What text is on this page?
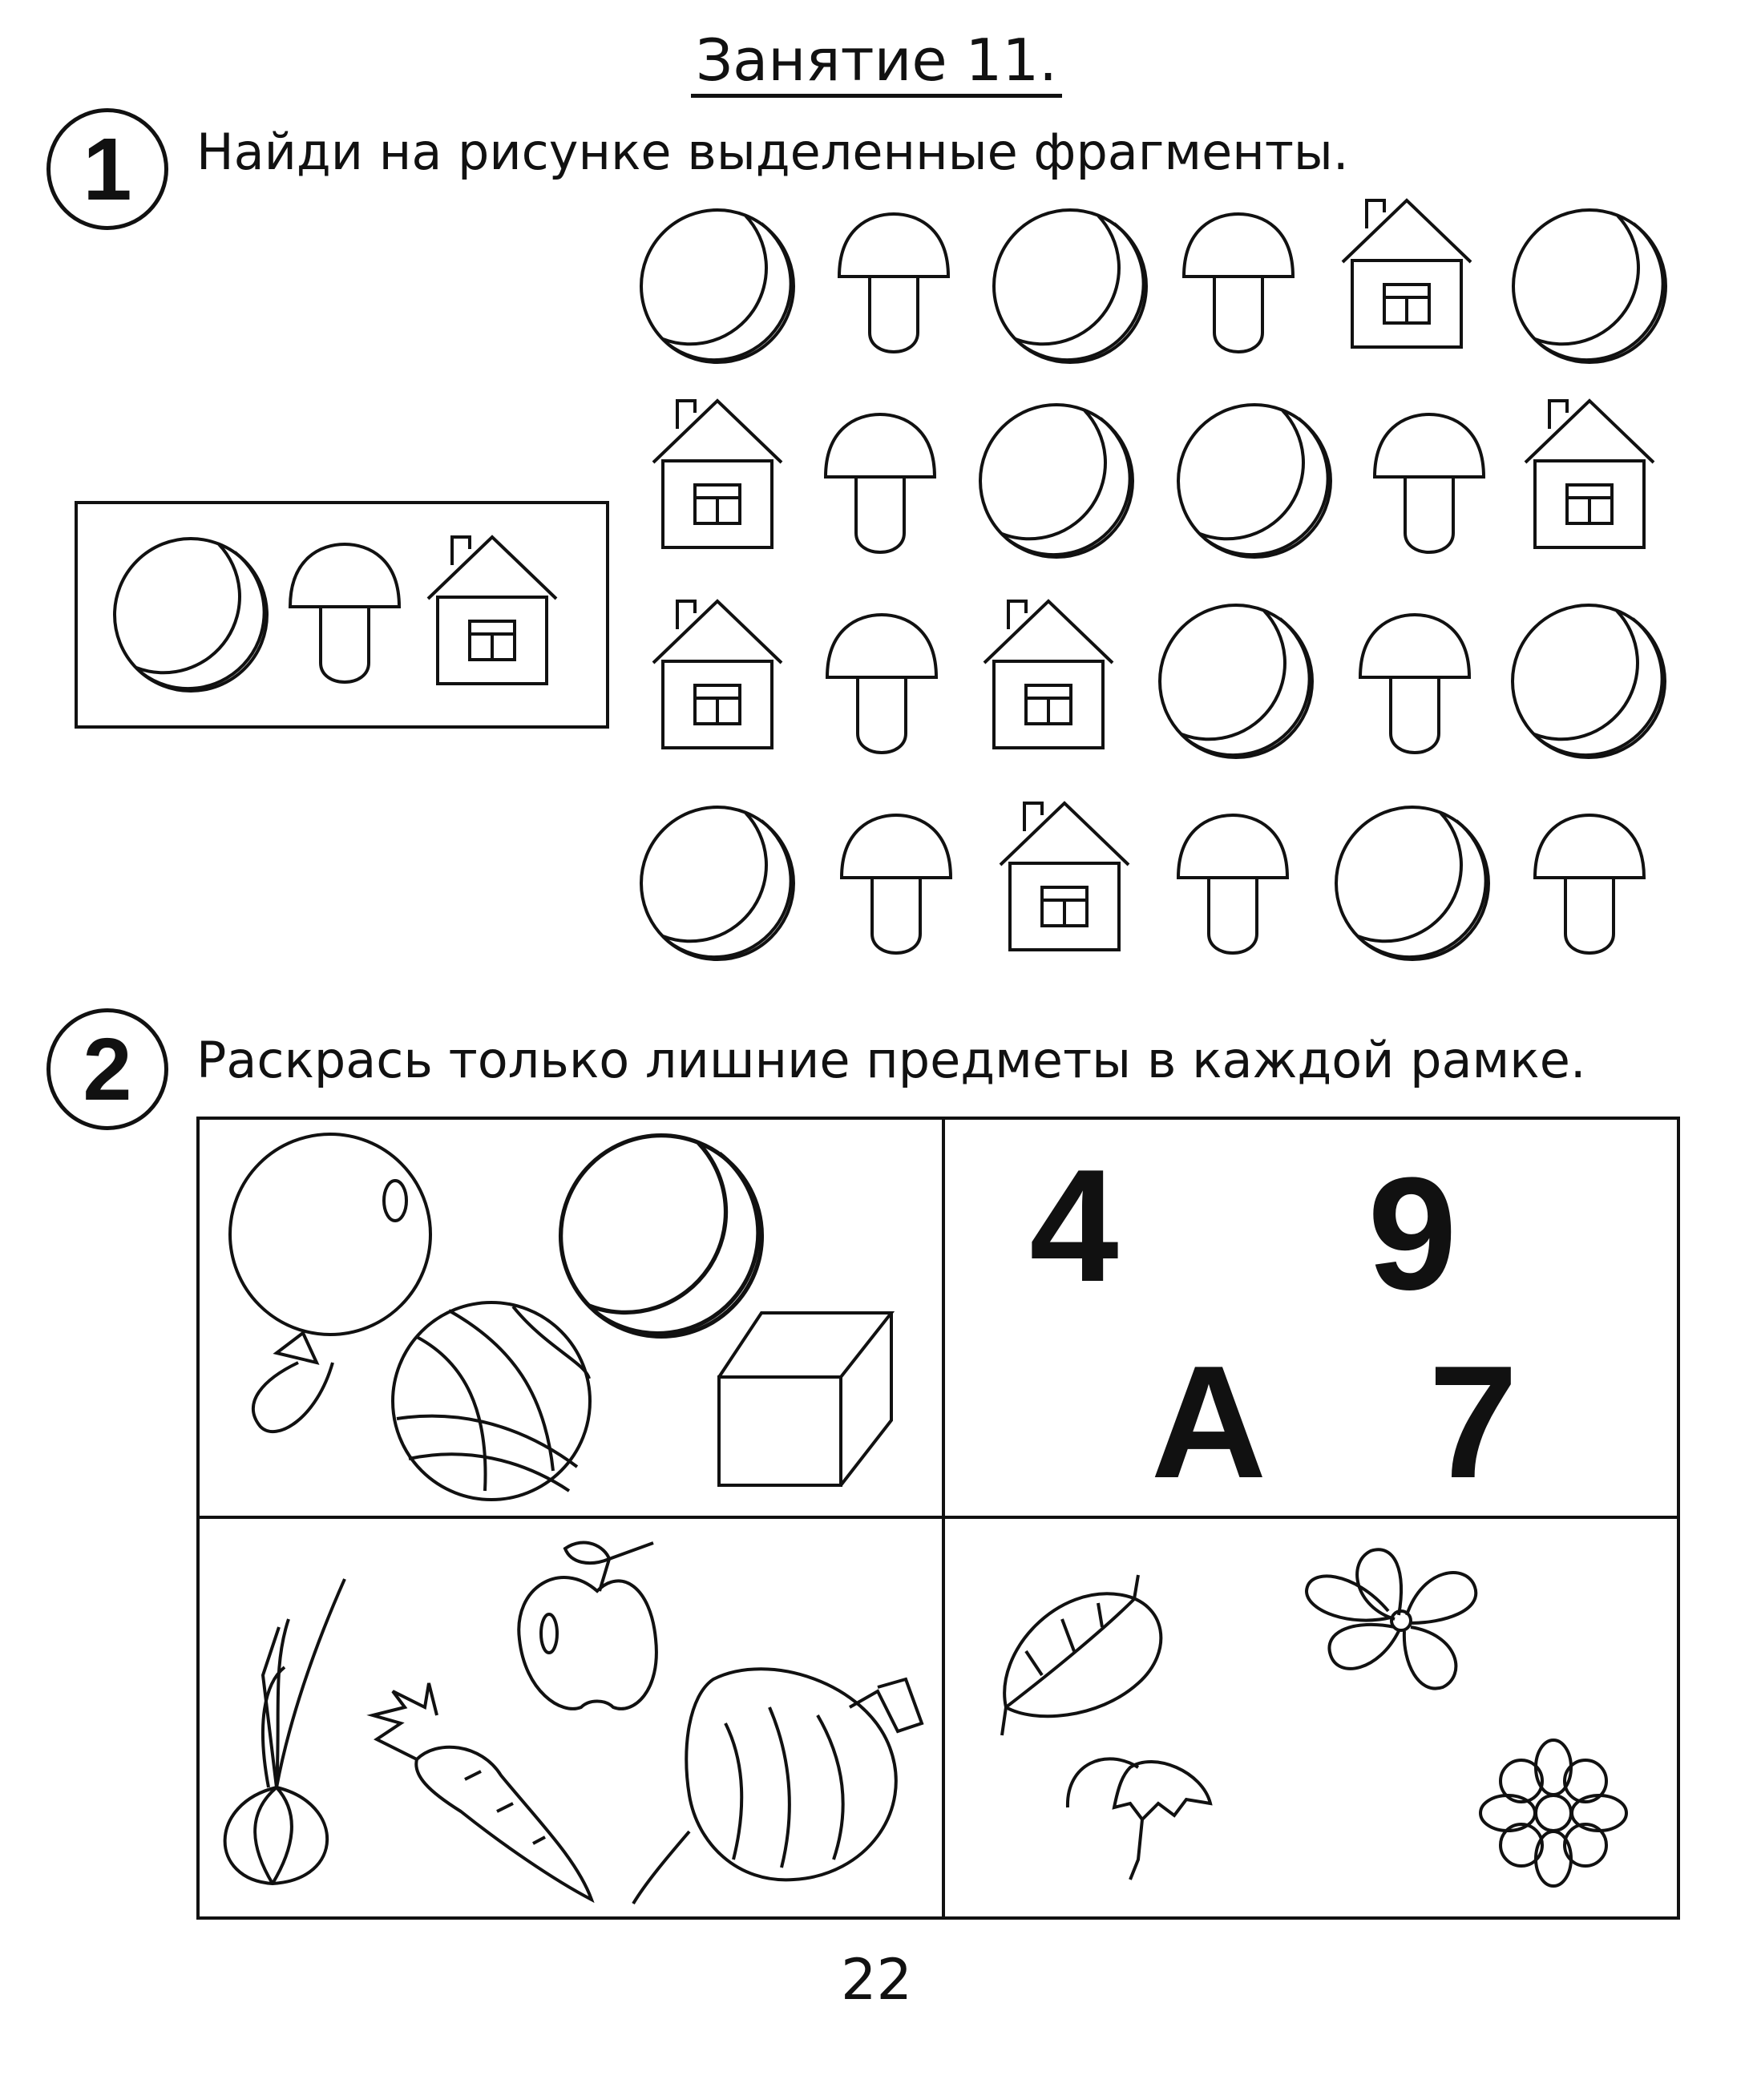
Занятие 11.
1 Найди на рисунке выделенные фрагменты.
2 Раскрась только лишние предметы в каждой рамке.
22
4 9
А 7
